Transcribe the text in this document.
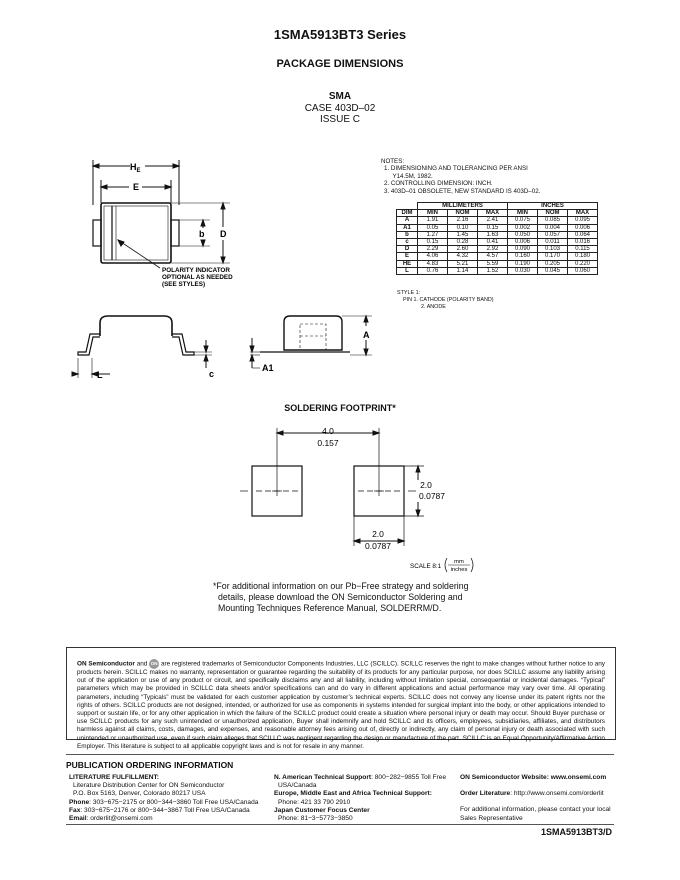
1SMA5913BT3 Series
PACKAGE DIMENSIONS
SMA
CASE 403D–02
ISSUE C
$H_E$
E
b D
POLARITY INDICATOR
OPTIONAL AS NEEDED
(SEE STYLES)
L	c
A
A1
4.0
0.157
2.0
0.0787
2.0
0.0787
SCALE 8:1
mm
inches
NOTES:
1. DIMENSIONING AND TOLERANCING PER ANSI
Y14.5M, 1982.
2. CONTROLLING DIMENSION: INCH.
3. 403D–01 OBSOLETE, NEW STANDARD IS 403D–02.
	MILLIMETERS			INCHES		
DIM	MIN	NOM	MAX	MIN	NOM	MAX
A	1.91	2.16	2.41	0.075	0.085	0.095
A1	0.05	0.10	0.15	0.002	0.004	0.006
b	1.27	1.45	1.63	0.050	0.057	0.064
c	0.15	0.28	0.41	0.006	0.011	0.016
D	2.29	2.60	2.92	0.090	0.103	0.115
E	4.06	4.32	4.57	0.160	0.170	0.180
HE	4.83	5.21	5.59	0.190	0.205	0.220
L	0.76	1.14	1.52	0.030	0.045	0.060
STYLE 1:
PIN 1. CATHODE (POLARITY BAND)
2. ANODE
SOLDERING FOOTPRINT*
*For additional information on our Pb−Free strategy and soldering
details, please download the ON Semiconductor Soldering and
Mounting Techniques Reference Manual, SOLDERRM/D.
ON Semiconductor and ON are registered trademarks of Semiconductor Components Industries, LLC (SCILLC). SCILLC reserves the right to make changes without further notice to any products herein. SCILLC makes no warranty, representation or guarantee regarding the suitability of its products for any particular purpose, nor does SCILLC assume any liability arising out of the application or use of any product or circuit, and specifically disclaims any and all liability, including without limitation special, consequential or incidental damages. “Typical” parameters which may be provided in SCILLC data sheets and/or specifications can and do vary in different applications and actual performance may vary over time. All operating parameters, including “Typicals” must be validated for each customer application by customer’s technical experts. SCILLC does not convey any license under its patent rights nor the rights of others. SCILLC products are not designed, intended, or authorized for use as components in systems intended for surgical implant into the body, or other applications intended to support or sustain life, or for any other application in which the failure of the SCILLC product could create a situation where personal injury or death may occur. Should Buyer purchase or use SCILLC products for any such unintended or unauthorized application, Buyer shall indemnify and hold SCILLC and its officers, employees, subsidiaries, affiliates, and distributors harmless against all claims, costs, damages, and expenses, and reasonable attorney fees arising out of, directly or indirectly, any claim of personal injury or death associated with such unintended or unauthorized use, even if such claim alleges that SCILLC was negligent regarding the design or manufacture of the part. SCILLC is an Equal Opportunity/Affirmative Action Employer. This literature is subject to all applicable copyright laws and is not for resale in any manner.
PUBLICATION ORDERING INFORMATION
LITERATURE FULFILLMENT:
Literature Distribution Center for ON Semiconductor
P.O. Box 5163, Denver, Colorado 80217 USA
Phone: 303−675−2175 or 800−344−3860 Toll Free USA/Canada
Fax: 303−675−2176 or 800−344−3867 Toll Free USA/Canada
Email: orderlit@onsemi.com
N. American Technical Support: 800−282−9855 Toll Free
USA/Canada
Europe, Middle East and Africa Technical Support:
Phone: 421 33 790 2910
Japan Customer Focus Center
Phone: 81−3−5773−3850
ON Semiconductor Website: www.onsemi.com
Order Literature: http://www.onsemi.com/orderlit
For additional information, please contact your local
Sales Representative
1SMA5913BT3/D
